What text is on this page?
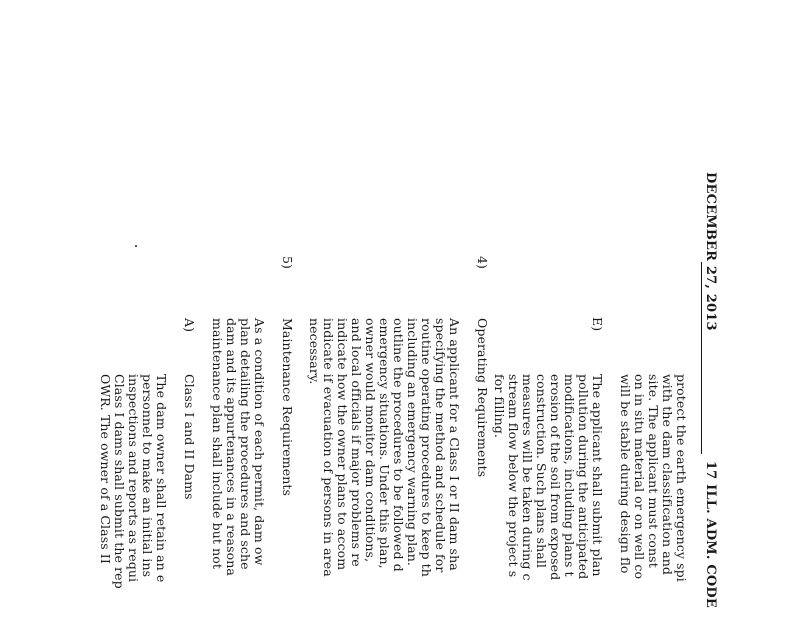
DECEMBER 27, 2013
17 ILL. ADM. CODE
protect the earth emergency spi
with the dam classification and
site. The applicant must const
on in situ material or on well co
will be stable during design flo
E)
The applicant shall submit plan
pollution during the anticipated
modifications, including plans t
erosion of the soil from exposed
construction. Such plans shall
measures will be taken during c
stream flow below the project s
for filling.
4)
Operating Requirements
An applicant for a Class I or II dam sha
specifying the method and schedule for
routine operating procedures to keep th
including an emergency warning plan.
outline the procedures to be followed d
emergency situations. Under this plan,
owner would monitor dam conditions,
and local officials if major problems re
indicate how the owner plans to accom
indicate if evacuation of persons in area
necessary.
5)
Maintenance Requirements
As a condition of each permit, dam ow
plan detailing the procedures and sche
dam and its appurtenances in a reasona
maintenance plan shall include but not
A)
Class I and II Dams
The dam owner shall retain an e
personnel to make an initial ins
inspections and reports as requi
Class I dams shall submit the rep
OWR. The owner of a Class II
